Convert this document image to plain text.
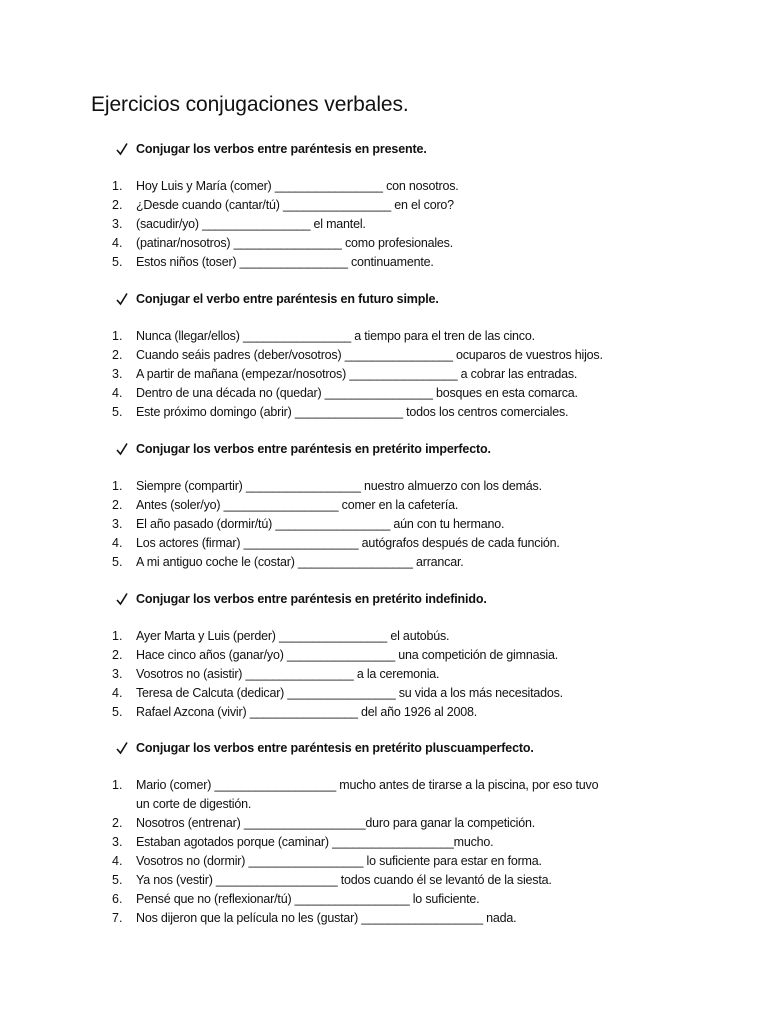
Ejercicios conjugaciones verbales.
Conjugar los verbos entre paréntesis en presente.
1.	Hoy Luis y María (comer) ________________ con nosotros.
2.	¿Desde cuando (cantar/tú) ________________ en el coro?
3.	(sacudir/yo) ________________ el mantel.
4.	(patinar/nosotros) ________________ como profesionales.
5.	Estos niños (toser) ________________ continuamente.
Conjugar el verbo entre paréntesis en futuro simple.
1.	Nunca (llegar/ellos) ________________ a tiempo para el tren de las cinco.
2.	Cuando seáis padres (deber/vosotros) ________________ ocuparos de vuestros hijos.
3.	A partir de mañana (empezar/nosotros) ________________ a cobrar las entradas.
4.	Dentro de una década no (quedar) ________________ bosques en esta comarca.
5.	Este próximo domingo (abrir) ________________ todos los centros comerciales.
Conjugar los verbos entre paréntesis en pretérito imperfecto.
1.	Siempre (compartir) _________________ nuestro almuerzo con los demás.
2.	Antes (soler/yo) _________________ comer en la cafetería.
3.	El año pasado (dormir/tú) _________________ aún con tu hermano.
4.	Los actores (firmar) _________________ autógrafos después de cada función.
5.	A mi antiguo coche le (costar) _________________ arrancar.
Conjugar los verbos entre paréntesis en pretérito indefinido.
1.	Ayer Marta y Luis (perder) ________________ el autobús.
2.	Hace cinco años (ganar/yo) ________________ una competición de gimnasia.
3.	Vosotros no (asistir) ________________ a la ceremonia.
4.	Teresa de Calcuta (dedicar) ________________ su vida a los más necesitados.
5.	Rafael Azcona (vivir) ________________ del año 1926 al 2008.
Conjugar los verbos entre paréntesis en pretérito pluscuamperfecto.
1.	Mario (comer) __________________ mucho antes de tirarse a la piscina, por eso tuvo
un corte de digestión.
2.	Nosotros (entrenar) __________________duro para ganar la competición.
3.	Estaban agotados porque (caminar) __________________mucho.
4.	Vosotros no (dormir) _________________ lo suficiente para estar en forma.
5.	Ya nos (vestir) __________________ todos cuando él se levantó de la siesta.
6.	Pensé que no (reflexionar/tú) _________________ lo suficiente.
7.	Nos dijeron que la película no les (gustar) __________________ nada.
